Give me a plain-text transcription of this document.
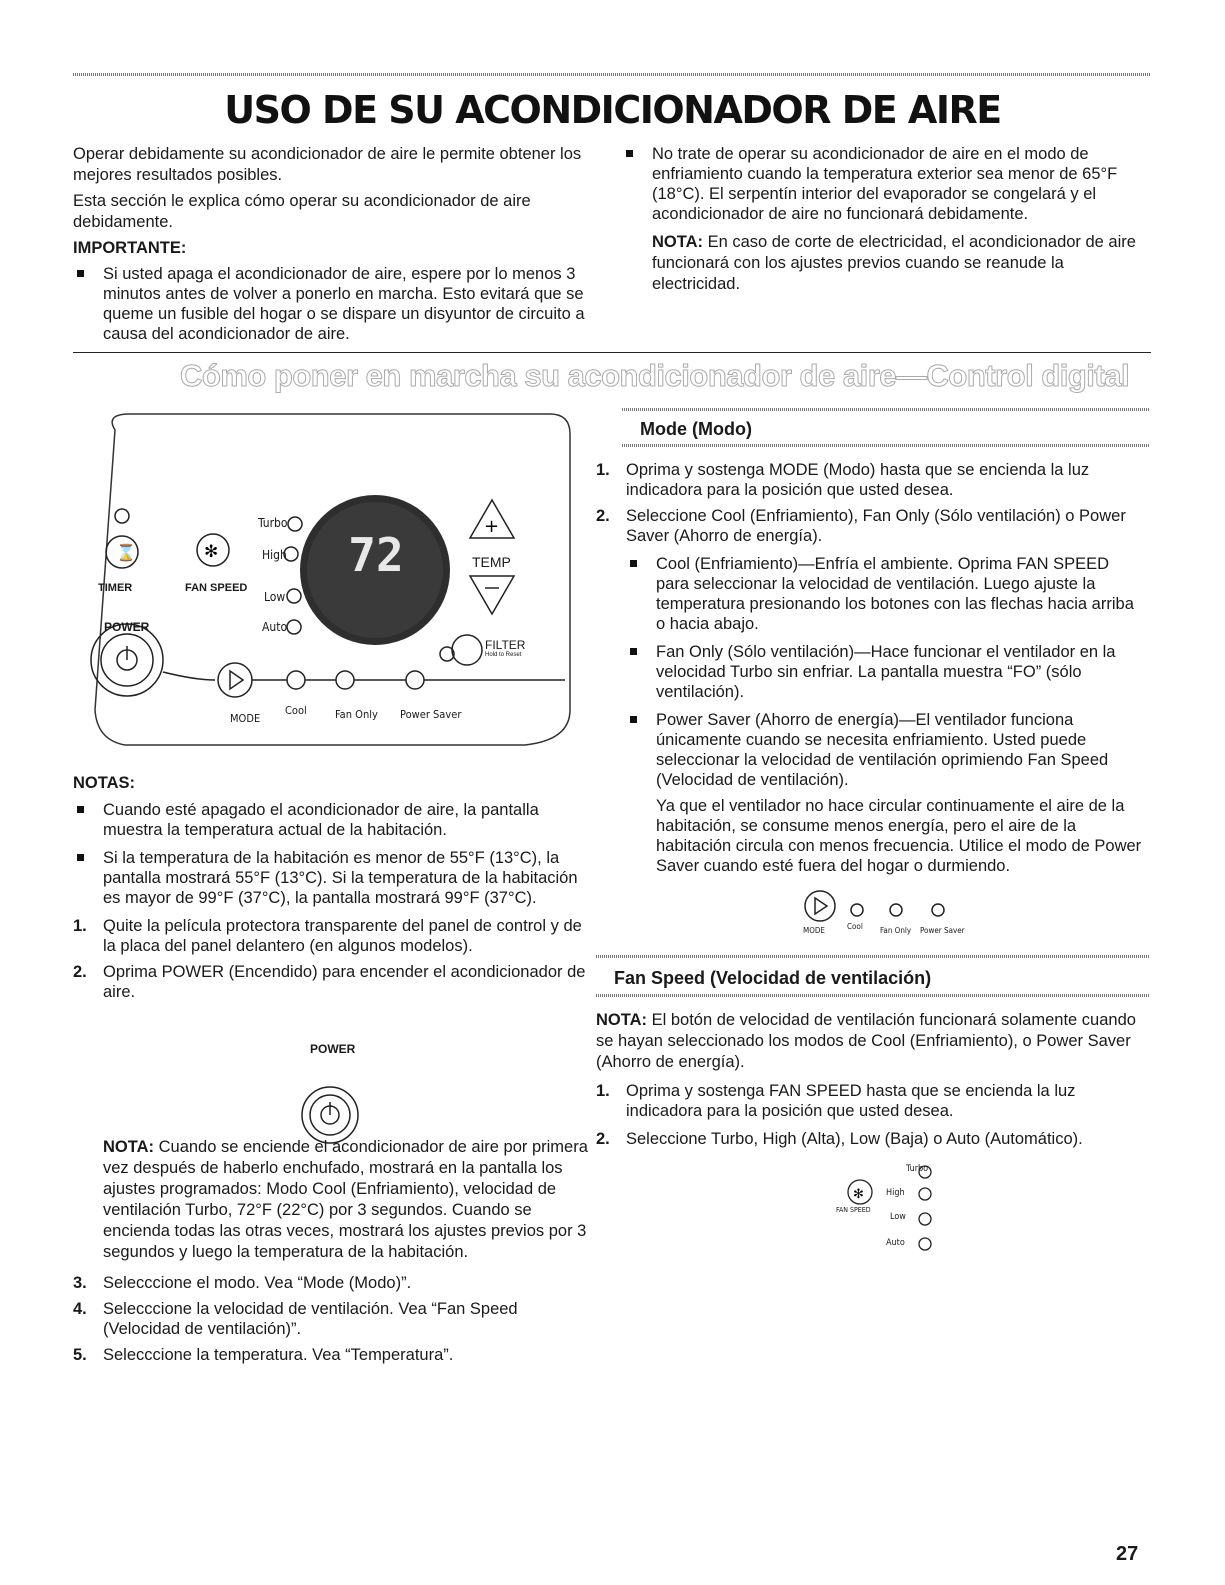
USO DE SU ACONDICIONADOR DE AIRE

Operar debidamente su acondicionador de aire le permite obtener los mejores resultados posibles.

Esta sección le explica cómo operar su acondicionador de aire debidamente.

IMPORTANTE:

Si usted apaga el acondicionador de aire, espere por lo menos 3 minutos antes de volver a ponerlo en marcha. Esto evitará que se queme un fusible del hogar o se dispare un disyuntor de circuito a causa del acondicionador de aire.
No trate de operar su acondicionador de aire en el modo de enfriamiento cuando la temperatura exterior sea menor de 65°F (18°C). El serpentín interior del evaporador se congelará y el acondicionador de aire no funcionará debidamente.

NOTA: En caso de corte de electricidad, el acondicionador de aire funcionará con los ajustes previos cuando se reanude la electricidad.

Cómo poner en marcha su acondicionador de aire—Control digital
⌛	✻
+
TIMER	FAN SPEED
Turbo
High
Low
Auto
72	TEMP
FILTER
Hold to Reset
POWER
MODE
Cool	Fan Only Power Saver

NOTAS:

Cuando esté apagado el acondicionador de aire, la pantalla muestra la temperatura actual de la habitación.
Si la temperatura de la habitación es menor de 55°F (13°C), la pantalla mostrará 55°F (13°C). Si la temperatura de la habitación es mayor de 99°F (37°C), la pantalla mostrará 99°F (37°C).
1. Quite la película protectora transparente del panel de control y de la placa del panel delantero (en algunos modelos).
2. Oprima POWER (Encendido) para encender el acondicionador de aire.
POWER

NOTA: Cuando se enciende el acondicionador de aire por primera vez después de haberlo enchufado, mostrará en la pantalla los ajustes programados: Modo Cool (Enfriamiento), velocidad de ventilación Turbo, 72°F (22°C) por 3 segundos. Cuando se encienda todas las otras veces, mostrará los ajustes previos por 3 segundos y luego la temperatura de la habitación.

3. Selecccione el modo. Vea “Mode (Modo)”.
4. Selecccione la velocidad de ventilación. Vea “Fan Speed (Velocidad de ventilación)”.
5. Selecccione la temperatura. Vea “Temperatura”.
Mode (Modo)
1. Oprima y sostenga MODE (Modo) hasta que se encienda la luz indicadora para la posición que usted desea.
2. Seleccione Cool (Enfriamiento), Fan Only (Sólo ventilación) o Power Saver (Ahorro de energía).
Cool (Enfriamiento)—Enfría el ambiente. Oprima FAN SPEED para seleccionar la velocidad de ventilación. Luego ajuste la temperatura presionando los botones con las flechas hacia arriba o hacia abajo.
Fan Only (Sólo ventilación)—Hace funcionar el ventilador en la velocidad Turbo sin enfriar. La pantalla muestra “FO” (sólo ventilación).
Power Saver (Ahorro de energía)—El ventilador funciona únicamente cuando se necesita enfriamiento. Usted puede seleccionar la velocidad de ventilación oprimiendo Fan Speed (Velocidad de ventilación).

Ya que el ventilador no hace circular continuamente el aire de la habitación, se consume menos energía, pero el aire de la habitación circula con menos frecuencia. Utilice el modo de Power Saver cuando esté fuera del hogar o durmiendo.

MODE	Cool Fan Only Power Saver
Fan Speed (Velocidad de ventilación)

NOTA: El botón de velocidad de ventilación funcionará solamente cuando se hayan seleccionado los modos de Cool (Enfriamiento), o Power Saver (Ahorro de energía).

1. Oprima y sostenga FAN SPEED hasta que se encienda la luz indicadora para la posición que usted desea.
2. Seleccione Turbo, High (Alta), Low (Baja) o Auto (Automático).
✻
Turbo
High
FAN SPEED
Low
Auto
27
